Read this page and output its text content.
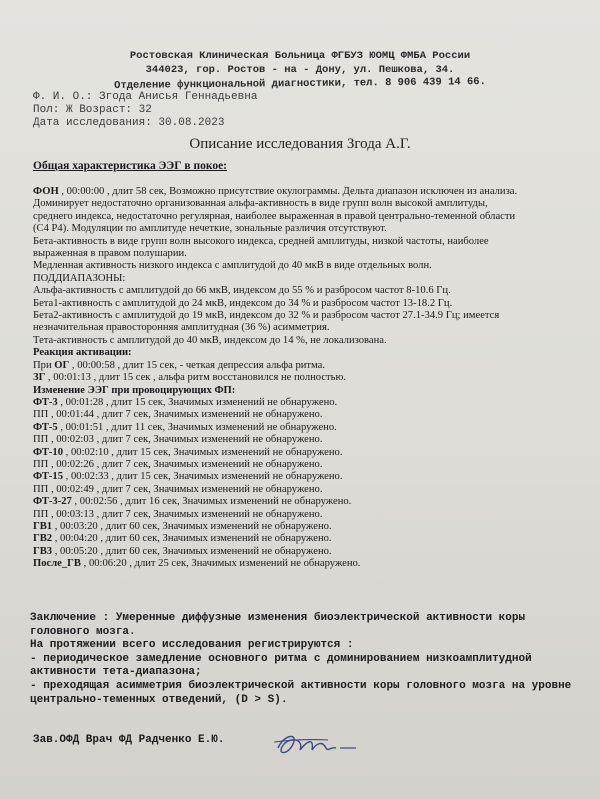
Ростовская Клиническая Больница ФГБУЗ ЮОМЦ ФМБА России
344023, гор. Ростов - на - Дону, ул. Пешкова, 34.
Отделение функциональной диагностики, тел. 8 906 439 14 66.
Ф. И. О.: Згода Анисья Геннадьевна
Пол: Ж Возраст: 32
Дата исследования: 30.08.2023
Описание исследования Згода А.Г.
Общая характеристика ЭЭГ в покое:

ФОН , 00:00:00 , длит 58 сек, Возможно присутствие окулограммы. Дельта диапазон исключен из анализа.

Доминирует недостаточно организованная альфа-активность в виде групп волн высокой амплитуды,

среднего индекса, недостаточно регулярная, наиболее выраженная в правой центрально-теменной области

(С4 Р4). Модуляции по амплитуде нечеткие, зональные различия отсутствуют.

Бета-активность в виде групп волн высокого индекса, средней амплитуды, низкой частоты, наиболее

выраженная в правом полушарии.

Медленная активность низкого индекса с амплитудой до 40 мкВ в виде отдельных волн.

ПОДДИАПАЗОНЫ:

Альфа-активность с амплитудой до 66 мкВ, индексом до 55 % и разбросом частот 8-10.6 Гц.

Бета1-активность с амплитудой до 24 мкВ, индексом до 34 % и разбросом частот 13-18.2 Гц.

Бета2-активность с амплитудой до 19 мкВ, индексом до 32 % и разбросом частот 27.1-34.9 Гц; имеется

незначительная правосторонняя амплитудная (36 %) асимметрия.

Тета-активность с амплитудой до 40 мкВ, индексом до 14 %, не локализована.

Реакция активации:

При ОГ , 00:00:58 , длит 15 сек, - четкая депрессия альфа ритма.

ЗГ , 00:01:13 , длит 15 сек , альфа ритм восстановился не полностью.

Изменение ЭЭГ при провоцирующих ФП:

ФТ-3 , 00:01:28 , длит 15 сек, Значимых изменений не обнаружено.

ПП , 00:01:44 , длит 7 сек, Значимых изменений не обнаружено.

ФТ-5 , 00:01:51 , длит 11 сек, Значимых изменений не обнаружено.

ПП , 00:02:03 , длит 7 сек, Значимых изменений не обнаружено.

ФТ-10 , 00:02:10 , длит 15 сек, Значимых изменений не обнаружено.

ПП , 00:02:26 , длит 7 сек, Значимых изменений не обнаружено.

ФТ-15 , 00:02:33 , длит 15 сек, Значимых изменений не обнаружено.

ПП , 00:02:49 , длит 7 сек, Значимых изменений не обнаружено.

ФТ-3-27 , 00:02:56 , длит 16 сек, Значимых изменений не обнаружено.

ПП , 00:03:13 , длит 7 сек, Значимых изменений не обнаружено.

ГВ1 , 00:03:20 , длит 60 сек, Значимых изменений не обнаружено.

ГВ2 , 00:04:20 , длит 60 сек, Значимых изменений не обнаружено.

ГВ3 , 00:05:20 , длит 60 сек, Значимых изменений не обнаружено.

После_ГВ , 00:06:20 , длит 25 сек, Значимых изменений не обнаружено.

Заключение : Умеренные диффузные изменения биоэлектрической активности коры

головного мозга.

На протяжении всего исследования регистрируются :

- периодическое замедление основного ритма с доминированием низкоамплитудной

активности тета-диапазона;

- преходящая асимметрия биоэлектрической активности коры головного мозга на уровне

центрально-теменных отведений, (D > S).

Зав.ОФД Врач ФД Радченко Е.Ю.
